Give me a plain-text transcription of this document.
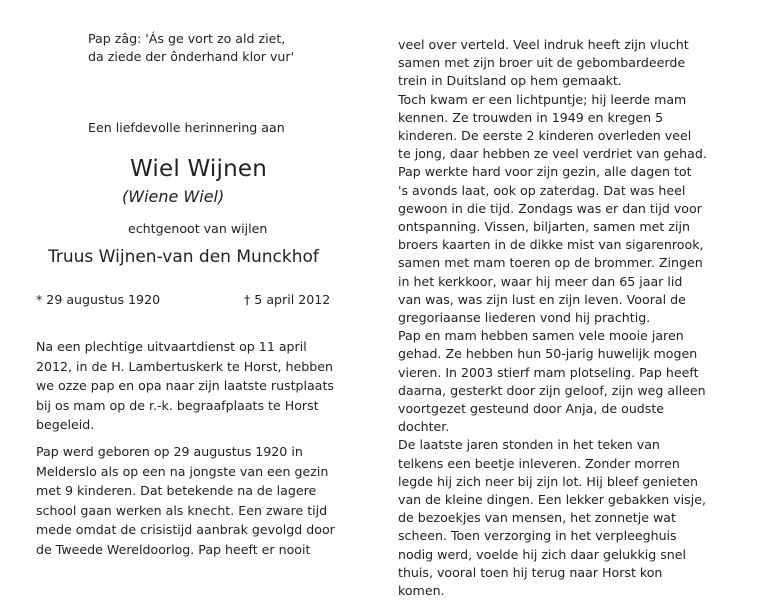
Pap zâg: 'Ás ge vort zo ald ziet,
da ziede der ônderhand klor vur'
Een liefdevolle herinnering aan
Wiel Wijnen
(Wiene Wiel)
echtgenoot van wijlen
Truus Wijnen-van den Munckhof
* 29 augustus 1920	† 5 april 2012
Na een plechtige uitvaartdienst op 11 april
2012, in de H. Lambertuskerk te Horst, hebben
we ozze pap en opa naar zijn laatste rustplaats
bij os mam op de r.-k. begraafplaats te Horst
begeleid.
Pap werd geboren op 29 augustus 1920 in
Melderslo als op een na jongste van een gezin
met 9 kinderen. Dat betekende na de lagere
school gaan werken als knecht. Een zware tijd
mede omdat de crisistijd aanbrak gevolgd door
de Tweede Wereldoorlog. Pap heeft er nooit
veel over verteld. Veel indruk heeft zijn vlucht
samen met zijn broer uit de gebombardeerde
trein in Duitsland op hem gemaakt.
Toch kwam er een lichtpuntje; hij leerde mam
kennen. Ze trouwden in 1949 en kregen 5
kinderen. De eerste 2 kinderen overleden veel
te jong, daar hebben ze veel verdriet van gehad.
Pap werkte hard voor zijn gezin, alle dagen tot
's avonds laat, ook op zaterdag. Dat was heel
gewoon in die tijd. Zondags was er dan tijd voor
ontspanning. Vissen, biljarten, samen met zijn
broers kaarten in de dikke mist van sigarenrook,
samen met mam toeren op de brommer. Zingen
in het kerkkoor, waar hij meer dan 65 jaar lid
van was, was zijn lust en zijn leven. Vooral de
gregoriaanse liederen vond hij prachtig.
Pap en mam hebben samen vele mooie jaren
gehad. Ze hebben hun 50-jarig huwelijk mogen
vieren. In 2003 stierf mam plotseling. Pap heeft
daarna, gesterkt door zijn geloof, zijn weg alleen
voortgezet gesteund door Anja, de oudste
dochter.
De laatste jaren stonden in het teken van
telkens een beetje inleveren. Zonder morren
legde hij zich neer bij zijn lot. Hij bleef genieten
van de kleine dingen. Een lekker gebakken visje,
de bezoekjes van mensen, het zonnetje wat
scheen. Toen verzorging in het verpleeghuis
nodig werd, voelde hij zich daar gelukkig snel
thuis, vooral toen hij terug naar Horst kon
komen.
